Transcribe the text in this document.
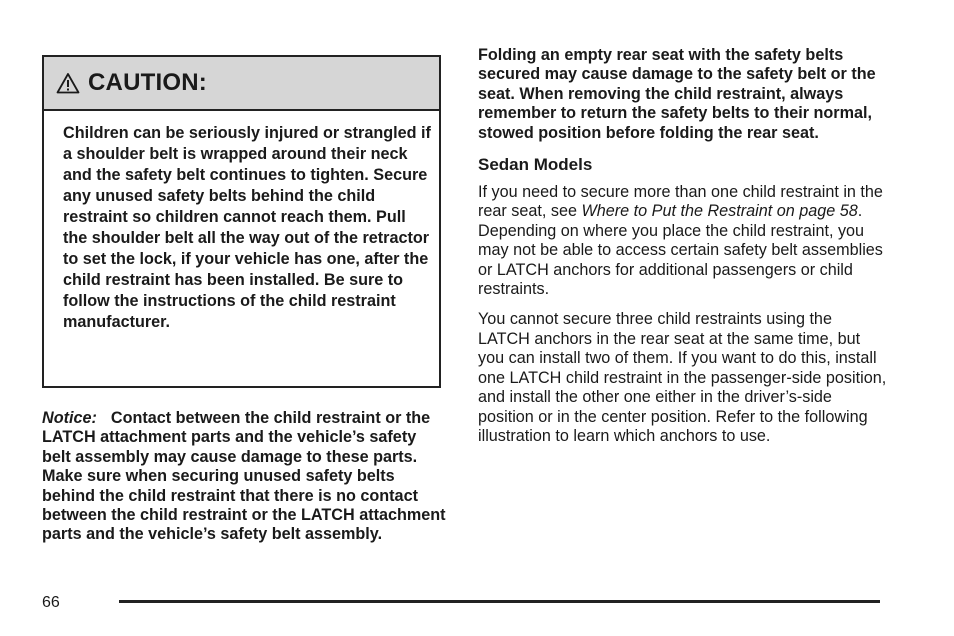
CAUTION:
Children can be seriously injured or strangled if a shoulder belt is wrapped around their neck and the safety belt continues to tighten. Secure any unused safety belts behind the child restraint so children cannot reach them. Pull the shoulder belt all the way out of the retractor to set the lock, if your vehicle has one, after the child restraint has been installed. Be sure to follow the instructions of the child restraint manufacturer.
Notice: Contact between the child restraint or the LATCH attachment parts and the vehicle’s safety belt assembly may cause damage to these parts. Make sure when securing unused safety belts behind the child restraint that there is no contact between the child restraint or the LATCH attachment parts and the vehicle’s safety belt assembly.

Folding an empty rear seat with the safety belts secured may cause damage to the safety belt or the seat. When removing the child restraint, always remember to return the safety belts to their normal, stowed position before folding the rear seat.

Sedan Models

If you need to secure more than one child restraint in the rear seat, see Where to Put the Restraint on page 58. Depending on where you place the child restraint, you may not be able to access certain safety belt assemblies or LATCH anchors for additional passengers or child restraints.

You cannot secure three child restraints using the LATCH anchors in the rear seat at the same time, but you can install two of them. If you want to do this, install one LATCH child restraint in the passenger-side position, and install the other one either in the driver’s-side position or in the center position. Refer to the following illustration to learn which anchors to use.

66
